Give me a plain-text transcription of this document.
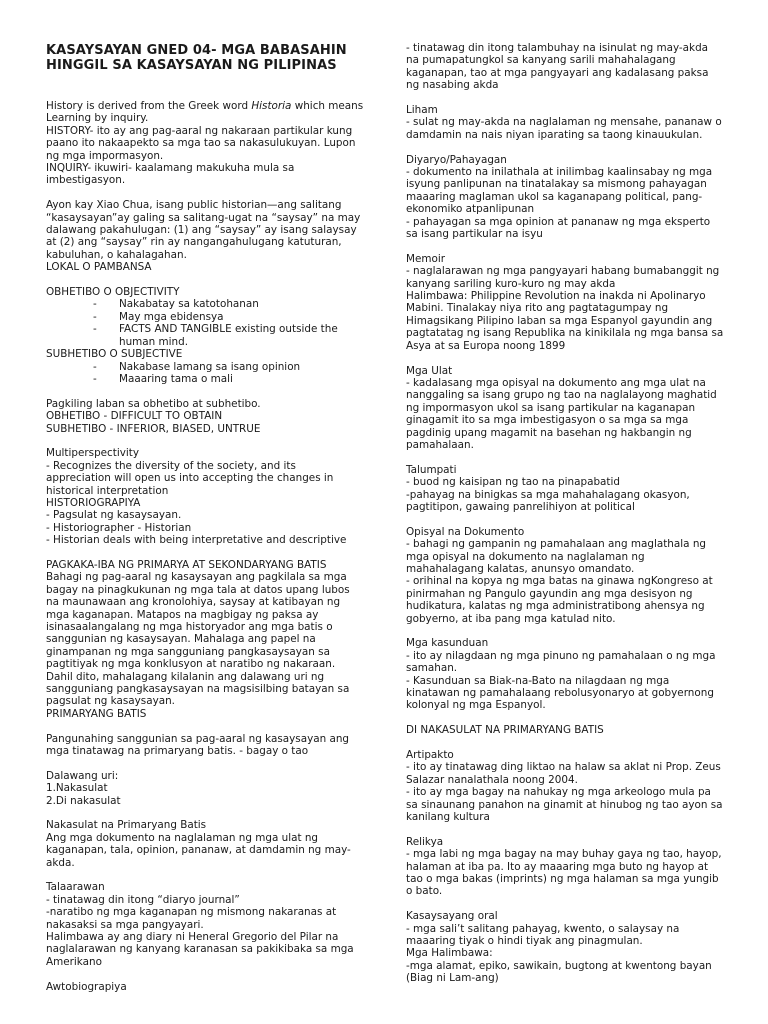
KASAYSAYAN GNED 04- MGA BABASAHIN HINGGIL SA KASAYSAYAN NG PILIPINAS

History is derived from the Greek word Historia which means Learning by inquiry.

HISTORY- ito ay ang pag-aaral ng nakaraan partikular kung paano ito nakaapekto sa mga tao sa nakasulukuyan. Lupon ng mga impormasyon.

INQUIRY- ikuwiri- kaalamang makukuha mula sa imbestigasyon.

Ayon kay Xiao Chua, isang public historian—ang salitang “kasaysayan”ay galing sa salitang-ugat na “saysay” na may dalawang pakahulugan: (1) ang “saysay” ay isang salaysay at (2) ang “saysay” rin ay nangangahulugang katuturan, kabuluhan, o kahalagahan.

LOKAL O PAMBANSA

OBHETIBO O OBJECTIVITY

- Nakabatay sa katotohanan
- May mga ebidensya
- FACTS AND TANGIBLE existing outside the human mind.

SUBHETIBO O SUBJECTIVE

- Nakabase lamang sa isang opinion
- Maaaring tama o mali

Pagkiling laban sa obhetibo at subhetibo.

OBHETIBO - DIFFICULT TO OBTAIN

SUBHETIBO - INFERIOR, BIASED, UNTRUE

Multiperspectivity

- Recognizes the diversity of the society, and its appreciation will open us into accepting the changes in historical interpretation

HISTORIOGRAPIYA

- Pagsulat ng kasaysayan.

- Historiographer - Historian

- Historian deals with being interpretative and descriptive

PAGKAKA-IBA NG PRIMARYA AT SEKONDARYANG BATIS

Bahagi ng pag-aaral ng kasaysayan ang pagkilala sa mga bagay na pinagkukunan ng mga tala at datos upang lubos na maunawaan ang kronolohiya, saysay at katibayan ng mga kaganapan. Matapos na magbigay ng paksa ay isinasaalangalang ng mga historyador ang mga batis o sanggunian ng kasaysayan. Mahalaga ang papel na ginampanan ng mga sangguniang pangkasaysayan sa pagtitiyak ng mga konklusyon at naratibo ng nakaraan. Dahil dito, mahalagang kilalanin ang dalawang uri ng sangguniang pangkasaysayan na magsisilbing batayan sa pagsulat ng kasaysayan.

PRIMARYANG BATIS

Pangunahing sanggunian sa pag-aaral ng kasaysayan ang mga tinatawag na primaryang batis. - bagay o tao

Dalawang uri:

1.Nakasulat

2.Di nakasulat

Nakasulat na Primaryang Batis

Ang mga dokumento na naglalaman ng mga ulat ng kaganapan, tala, opinion, pananaw, at damdamin ng may-akda.

Talaarawan

- tinatawag din itong “diaryo journal”

-naratibo ng mga kaganapan ng mismong nakaranas at nakasaksi sa mga pangyayari.

Halimbawa ay ang diary ni Heneral Gregorio del Pilar na naglalarawan ng kanyang karanasan sa pakikibaka sa mga Amerikano

Awtobiograpiya

- tinatawag din itong talambuhay na isinulat ng may-akda na pumapatungkol sa kanyang sarili mahahalagang kaganapan, tao at mga pangyayari ang kadalasang paksa ng nasabing akda

Liham

- sulat ng may-akda na naglalaman ng mensahe, pananaw o damdamin na nais niyan iparating sa taong kinauukulan.

Diyaryo/Pahayagan

- dokumento na inilathala at inilimbag kaalinsabay ng mga isyung panlipunan na tinatalakay sa mismong pahayagan maaaring maglaman ukol sa kaganapang political, pang-ekonomiko atpanlipunan

- pahayagan sa mga opinion at pananaw ng mga eksperto sa isang partikular na isyu

Memoir

- naglalarawan ng mga pangyayari habang bumabanggit ng kanyang sariling kuro-kuro ng may akda

Halimbawa: Philippine Revolution na inakda ni Apolinaryo Mabini. Tinalakay niya rito ang pagtatagumpay ng Himagsikang Pilipino laban sa mga Espanyol gayundin ang pagtatatag ng isang Republika na kinikilala ng mga bansa sa Asya at sa Europa noong 1899

Mga Ulat

- kadalasang mga opisyal na dokumento ang mga ulat na nanggaling sa isang grupo ng tao na naglalayong maghatid ng impormasyon ukol sa isang partikular na kaganapan ginagamit ito sa mga imbestigasyon o sa mga sa mga pagdinig upang magamit na basehan ng hakbangin ng pamahalaan.

Talumpati

- buod ng kaisipan ng tao na pinapabatid

-pahayag na binigkas sa mga mahahalagang okasyon, pagtitipon, gawaing panrelihiyon at political

Opisyal na Dokumento

- bahagi ng gampanin ng pamahalaan ang maglathala ng mga opisyal na dokumento na naglalaman ng mahahalagang kalatas, anunsyo omandato.

- orihinal na kopya ng mga batas na ginawa ngKongreso at pinirmahan ng Pangulo gayundin ang mga desisyon ng hudikatura, kalatas ng mga administratibong ahensya ng gobyerno, at iba pang mga katulad nito.

Mga kasunduan

- ito ay nilagdaan ng mga pinuno ng pamahalaan o ng mga samahan.

- Kasunduan sa Biak-na-Bato na nilagdaan ng mga kinatawan ng pamahalaang rebolusyonaryo at gobyernong kolonyal ng mga Espanyol.

DI NAKASULAT NA PRIMARYANG BATIS

Artipakto

- ito ay tinatawag ding liktao na halaw sa aklat ni Prop. Zeus Salazar nanalathala noong 2004.

- ito ay mga bagay na nahukay ng mga arkeologo mula pa sa sinaunang panahon na ginamit at hinubog ng tao ayon sa kanilang kultura

Relikya

- mga labi ng mga bagay na may buhay gaya ng tao, hayop, halaman at iba pa. Ito ay maaaring mga buto ng hayop at tao o mga bakas (imprints) ng mga halaman sa mga yungib o bato.

Kasaysayang oral

- mga sali’t salitang pahayag, kwento, o salaysay na maaaring tiyak o hindi tiyak ang pinagmulan.

Mga Halimbawa:

-mga alamat, epiko, sawikain, bugtong at kwentong bayan (Biag ni Lam-ang)
